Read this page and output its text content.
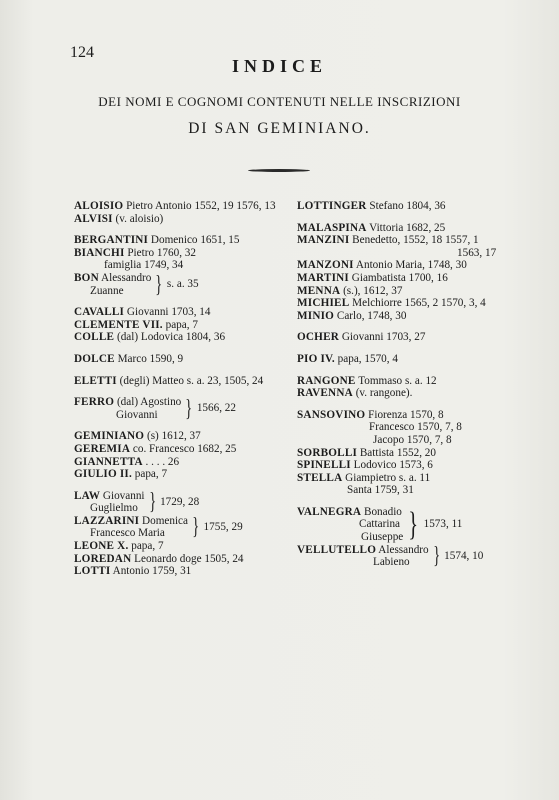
124
INDICE
DEI NOMI E COGNOMI CONTENUTI NELLE INSCRIZIONI
DI SAN GEMINIANO.
ALOISIO Pietro Antonio 1552, 19 1576, 13
ALVISI (v. aloisio)
BERGANTINI Domenico 1651, 15
BIANCHI Pietro 1760, 32
famiglia 1749, 34
BON Alessandro
Zuanne	} s. a. 35
CAVALLI Giovanni 1703, 14
CLEMENTE VII. papa, 7
COLLE (dal) Lodovica 1804, 36
DOLCE Marco 1590, 9
ELETTI (degli) Matteo s. a. 23, 1505, 24
FERRO (dal) Agostino
Giovanni	} 1566, 22
GEMINIANO (s) 1612, 37
GEREMIA co. Francesco 1682, 25
GIANNETTA . . . . 26
GIULIO II. papa, 7
LAW Giovanni
Guglielmo } 1729, 28
LAZZARINI Domenica
Francesco Maria	} 1755, 29
LEONE X. papa, 7
LOREDAN Leonardo doge 1505, 24
LOTTI Antonio 1759, 31
LOTTINGER Stefano 1804, 36
MALASPINA Vittoria 1682, 25
MANZINI Benedetto, 1552, 18 1557, 1
1563, 17
MANZONI Antonio Maria, 1748, 30
MARTINI Giambatista 1700, 16
MENNA (s.), 1612, 37
MICHIEL Melchiorre 1565, 2 1570, 3, 4
MINIO Carlo, 1748, 30
OCHER Giovanni 1703, 27
PIO IV. papa, 1570, 4
RANGONE Tommaso s. a. 12
RAVENNA (v. rangone).
SANSOVINO Fiorenza 1570, 8
Francesco 1570, 7, 8
Jacopo 1570, 7, 8
SORBOLLI Battista 1552, 20
SPINELLI Lodovico 1573, 6
STELLA Giampietro s. a. 11
Santa 1759, 31
VALNEGRA Bonadio
Cattarina
Giuseppe } 1573, 11
VELLUTELLO Alessandro
Labieno } 1574, 10
